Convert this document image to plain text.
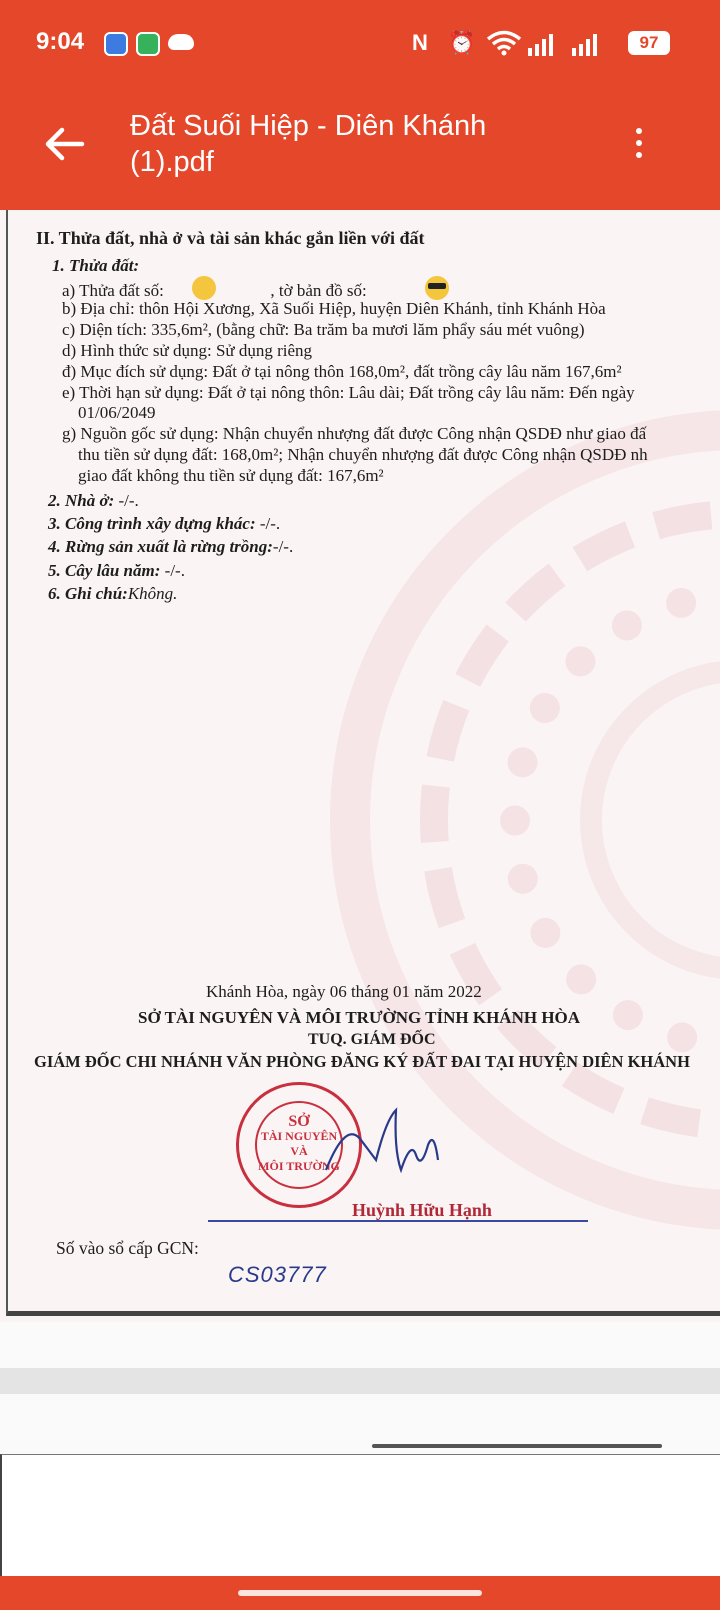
9:04	N ⏰	97
Đất Suối Hiệp - Diên Khánh
(1).pdf
II. Thửa đất, nhà ở và tài sản khác gắn liền với đất
1. Thửa đất:
a) Thửa đất số:	, tờ bản đồ số:
b) Địa chỉ: thôn Hội Xương, Xã Suối Hiệp, huyện Diên Khánh, tỉnh Khánh Hòa
c) Diện tích: 335,6m², (bằng chữ: Ba trăm ba mươi lăm phẩy sáu mét vuông)
d) Hình thức sử dụng: Sử dụng riêng
đ) Mục đích sử dụng: Đất ở tại nông thôn 168,0m², đất trồng cây lâu năm 167,6m²
e) Thời hạn sử dụng: Đất ở tại nông thôn: Lâu dài; Đất trồng cây lâu năm: Đến ngày
01/06/2049
g) Nguồn gốc sử dụng: Nhận chuyển nhượng đất được Công nhận QSDĐ như giao đấ
thu tiền sử dụng đất: 168,0m²; Nhận chuyển nhượng đất được Công nhận QSDĐ nh
giao đất không thu tiền sử dụng đất: 167,6m²
2. Nhà ở: -/-.
3. Công trình xây dựng khác: -/-.
4. Rừng sản xuất là rừng trồng:-/-.
5. Cây lâu năm: -/-.
6. Ghi chú:Không.
Khánh Hòa, ngày 06 tháng 01 năm 2022
SỞ TÀI NGUYÊN VÀ MÔI TRƯỜNG TỈNH KHÁNH HÒA
TUQ. GIÁM ĐỐC
GIÁM ĐỐC CHI NHÁNH VĂN PHÒNG ĐĂNG KÝ ĐẤT ĐAI TẠI HUYỆN DIÊN KHÁNH
Huỳnh Hữu Hạnh
Số vào sổ cấp GCN:
SỞ
TÀI NGUYÊN
VÀ
MÔI TRƯỜNG
CS03777
